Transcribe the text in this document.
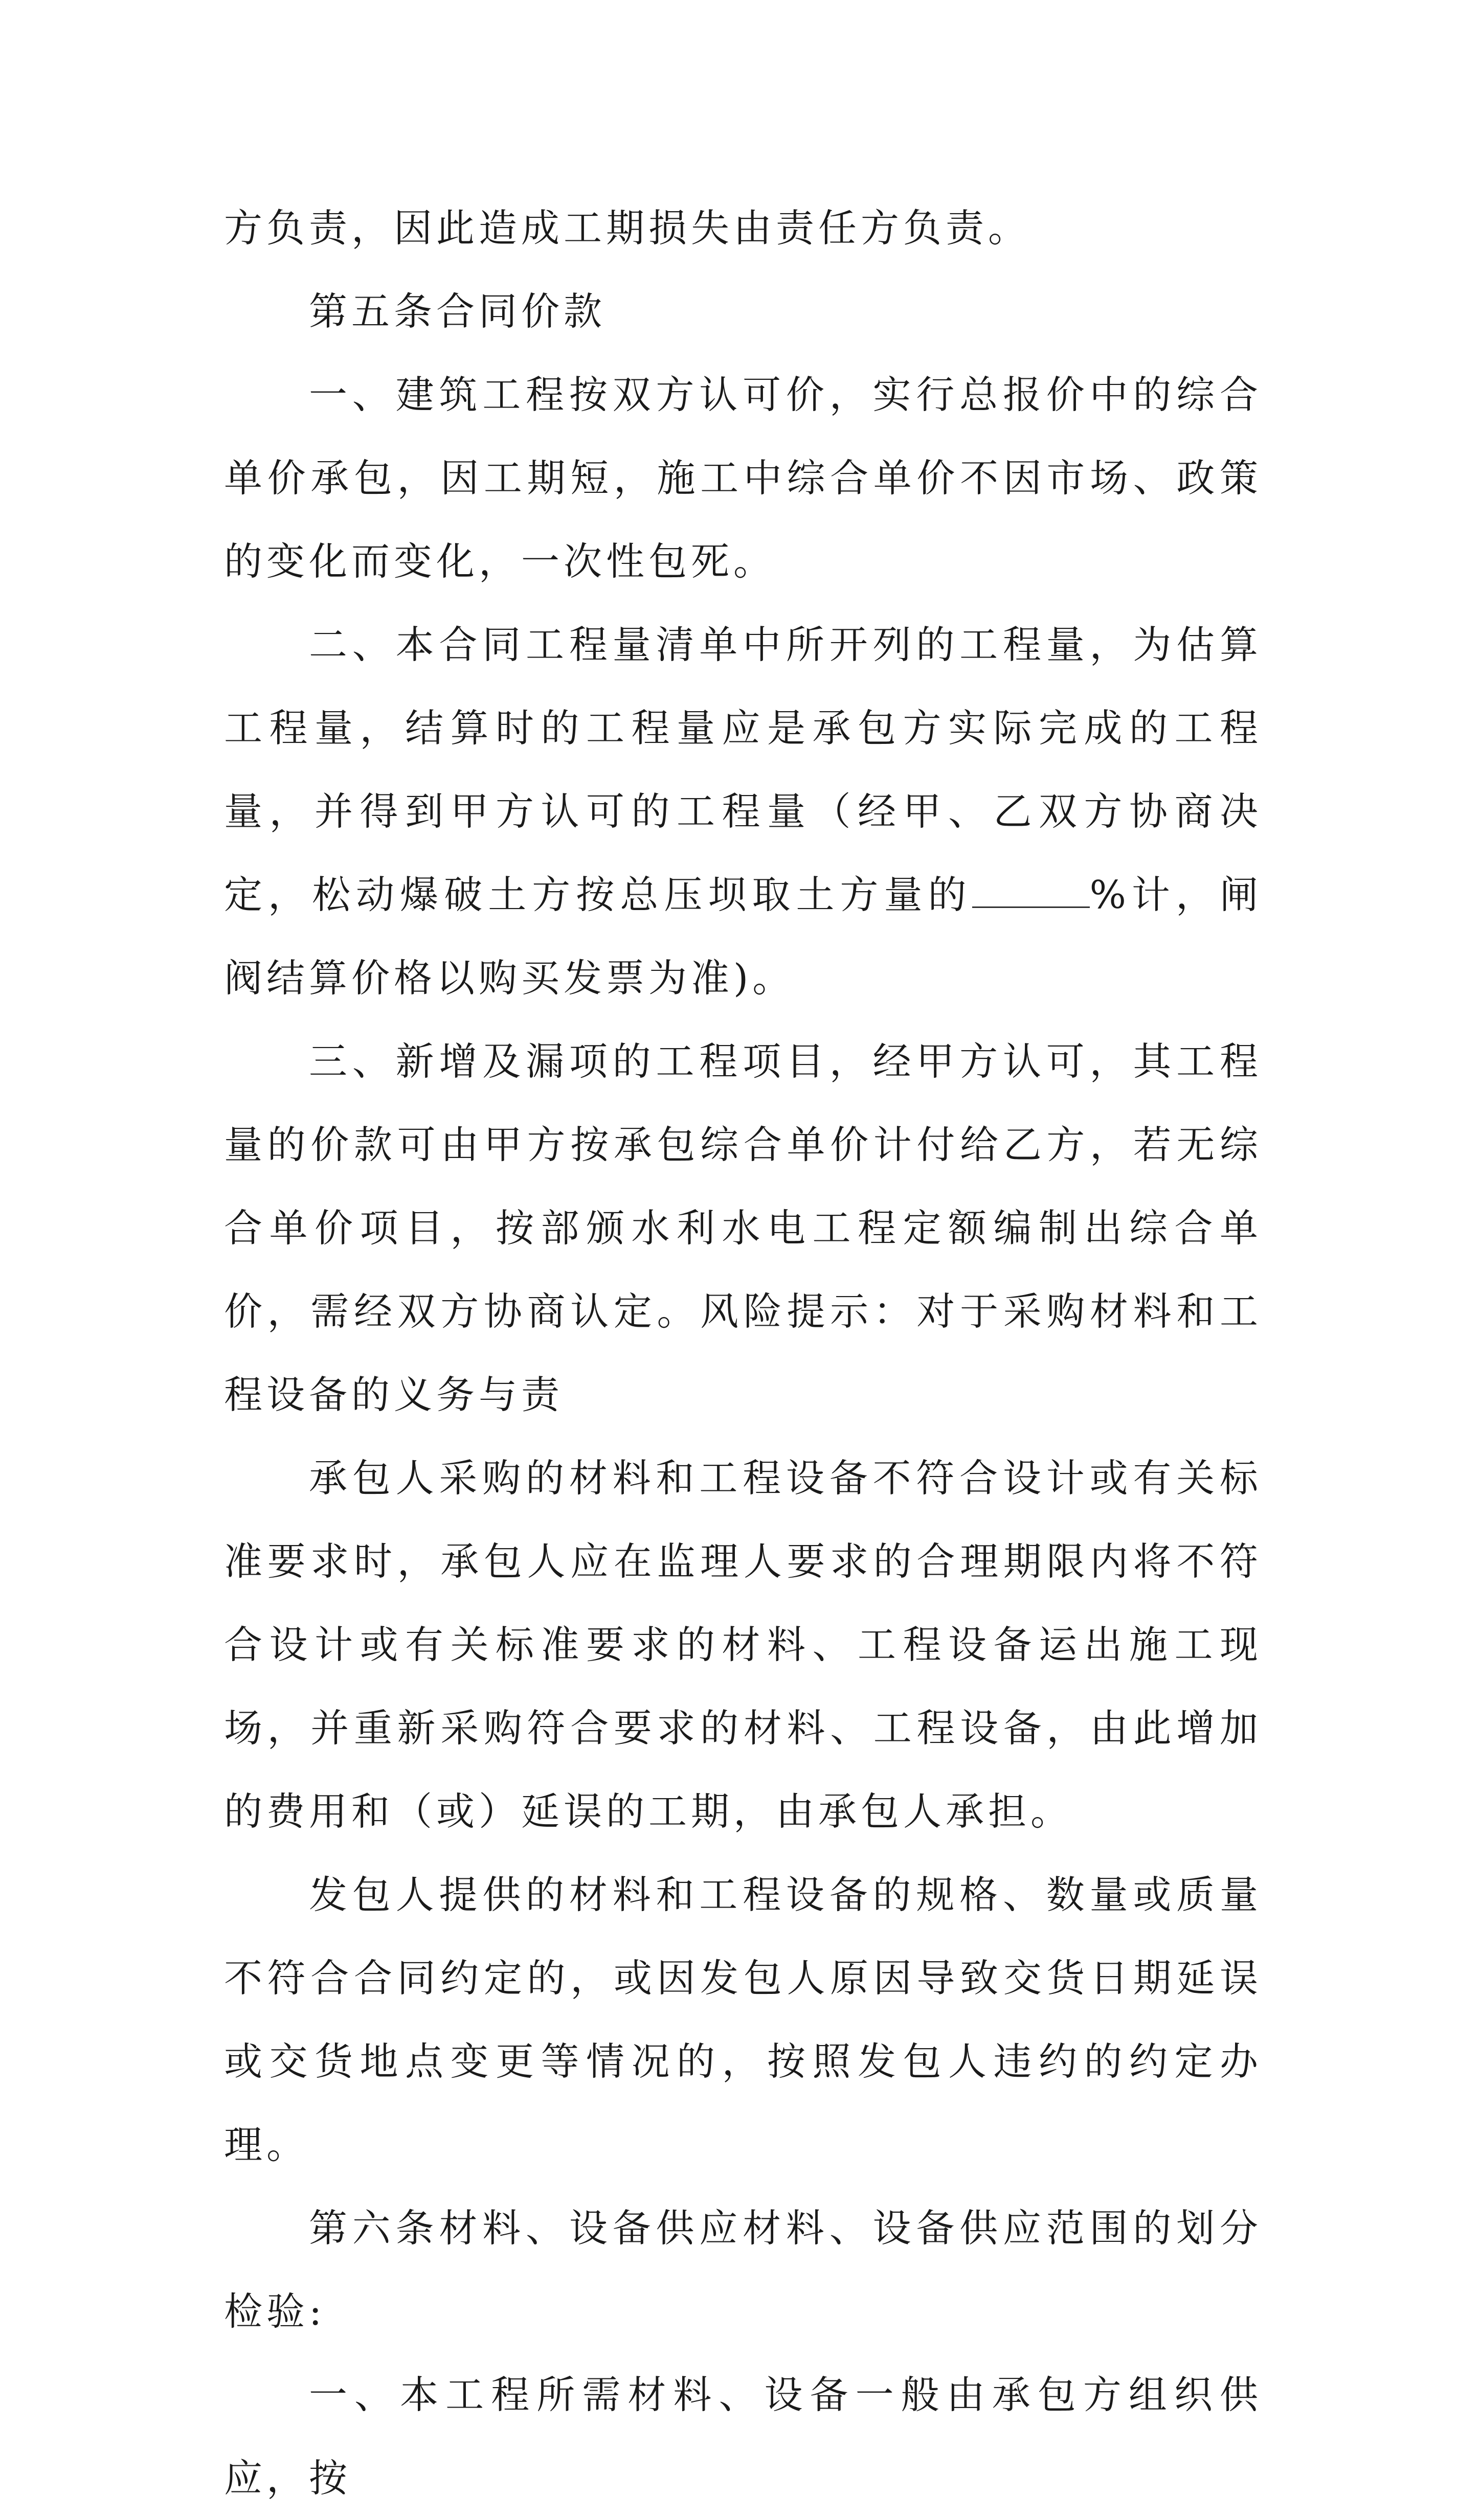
方负责，因此造成工期损失由责任方负责。

第五条合同价款

一、建筑工程按双方认可价，实行总报价中的综合单价承包，因工期短，施工中综合单价不因市场、政策的变化而变化，一次性包死。

二、本合同工程量清单中所开列的工程量，为估算工程量，结算时的工程量应是承包方实际完成的工程量，并得到甲方认可的工程量（经甲、乙双方协商决定，松动爆破土方按总压坝取土方量的	%计，闸阀结算价格以购买发票为准)。

三、新增及漏项的工程项目，经甲方认可，其工程量的价款可由甲方按承包综合单价计付给乙方，若无综合单价项目，按部颁水利水电工程定额编制出综合单价，需经双方协商认定。风险提示：对于采购材料和工程设备的义务与责

承包人采购的材料和工程设备不符合设计或有关标准要求时，承包人应在监理人要求的合理期限内将不符合设计或有关标准要求的材料、工程设备运出施工现场，并重新采购符合要求的材料、工程设备，由此增加的费用和（或）延误的工期，由承包人承担。

发包人提供的材料和工程设备的规格、数量或质量不符合合同约定的，或因发包人原因导致交货日期延误或交货地点变更等情况的，按照发包人违约的约定办理。

第六条材料、设备供应材料、设备供应范围的划分检验:

一、本工程所需材料、设备一般由承包方组织供应，按
